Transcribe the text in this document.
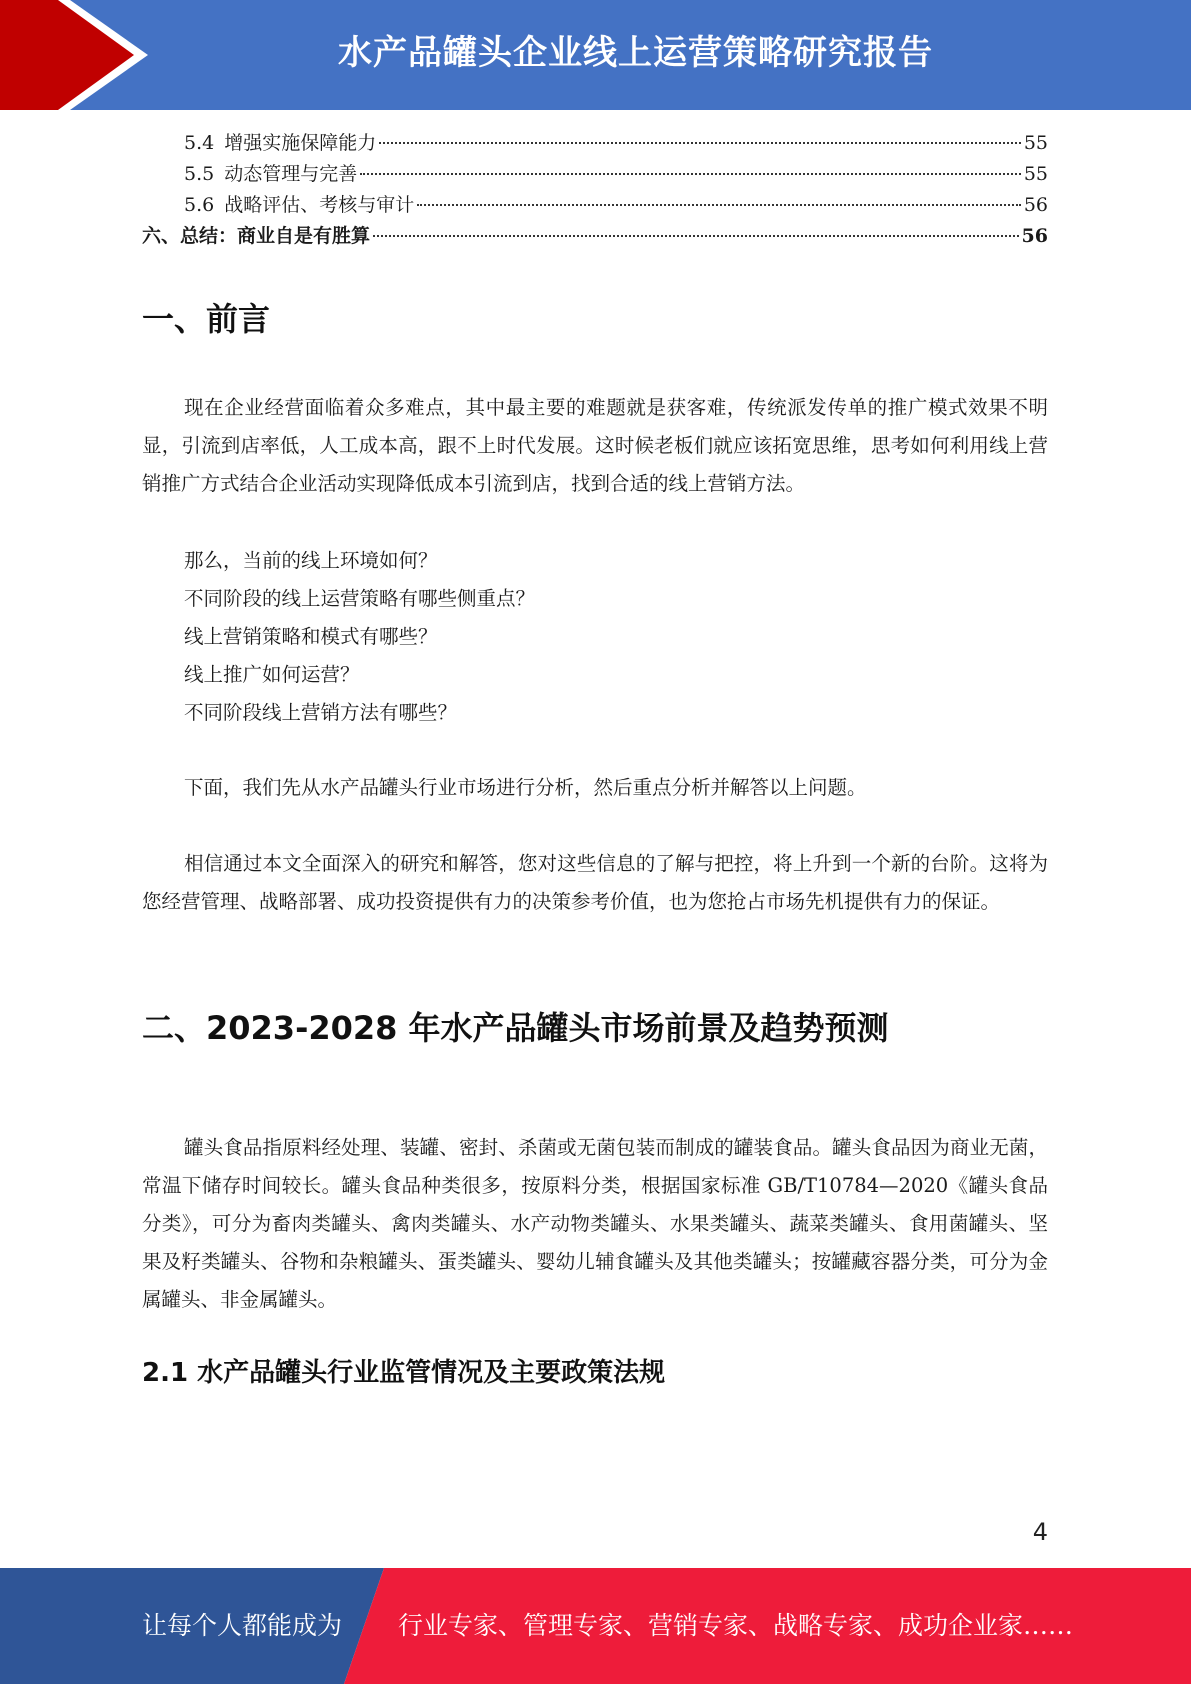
水产品罐头企业线上运营策略研究报告
5.4 增强实施保障能力	55
5.5 动态管理与完善	55
5.6 战略评估、考核与审计	56
六、总结：商业自是有胜算	56
一、前言

现在企业经营面临着众多难点，其中最主要的难题就是获客难，传统派发传单的推广模式效果不明显，引流到店率低，人工成本高，跟不上时代发展。这时候老板们就应该拓宽思维，思考如何利用线上营销推广方式结合企业活动实现降低成本引流到店，找到合适的线上营销方法。

那么，当前的线上环境如何？
不同阶段的线上运营策略有哪些侧重点？
线上营销策略和模式有哪些？
线上推广如何运营？
不同阶段线上营销方法有哪些？

下面，我们先从水产品罐头行业市场进行分析，然后重点分析并解答以上问题。

相信通过本文全面深入的研究和解答，您对这些信息的了解与把控，将上升到一个新的台阶。这将为您经营管理、战略部署、成功投资提供有力的决策参考价值，也为您抢占市场先机提供有力的保证。

二、2023-2028 年水产品罐头市场前景及趋势预测

罐头食品指原料经处理、装罐、密封、杀菌或无菌包装而制成的罐装食品。罐头食品因为商业无菌，常温下储存时间较长。罐头食品种类很多，按原料分类，根据国家标准 GB/T10784—2020《罐头食品分类》，可分为畜肉类罐头、禽肉类罐头、水产动物类罐头、水果类罐头、蔬菜类罐头、食用菌罐头、坚果及籽类罐头、谷物和杂粮罐头、蛋类罐头、婴幼儿辅食罐头及其他类罐头；按罐藏容器分类，可分为金属罐头、非金属罐头。

2.1 水产品罐头行业监管情况及主要政策法规
4
让每个人都能成为 行业专家、管理专家、营销专家、战略专家、成功企业家……
